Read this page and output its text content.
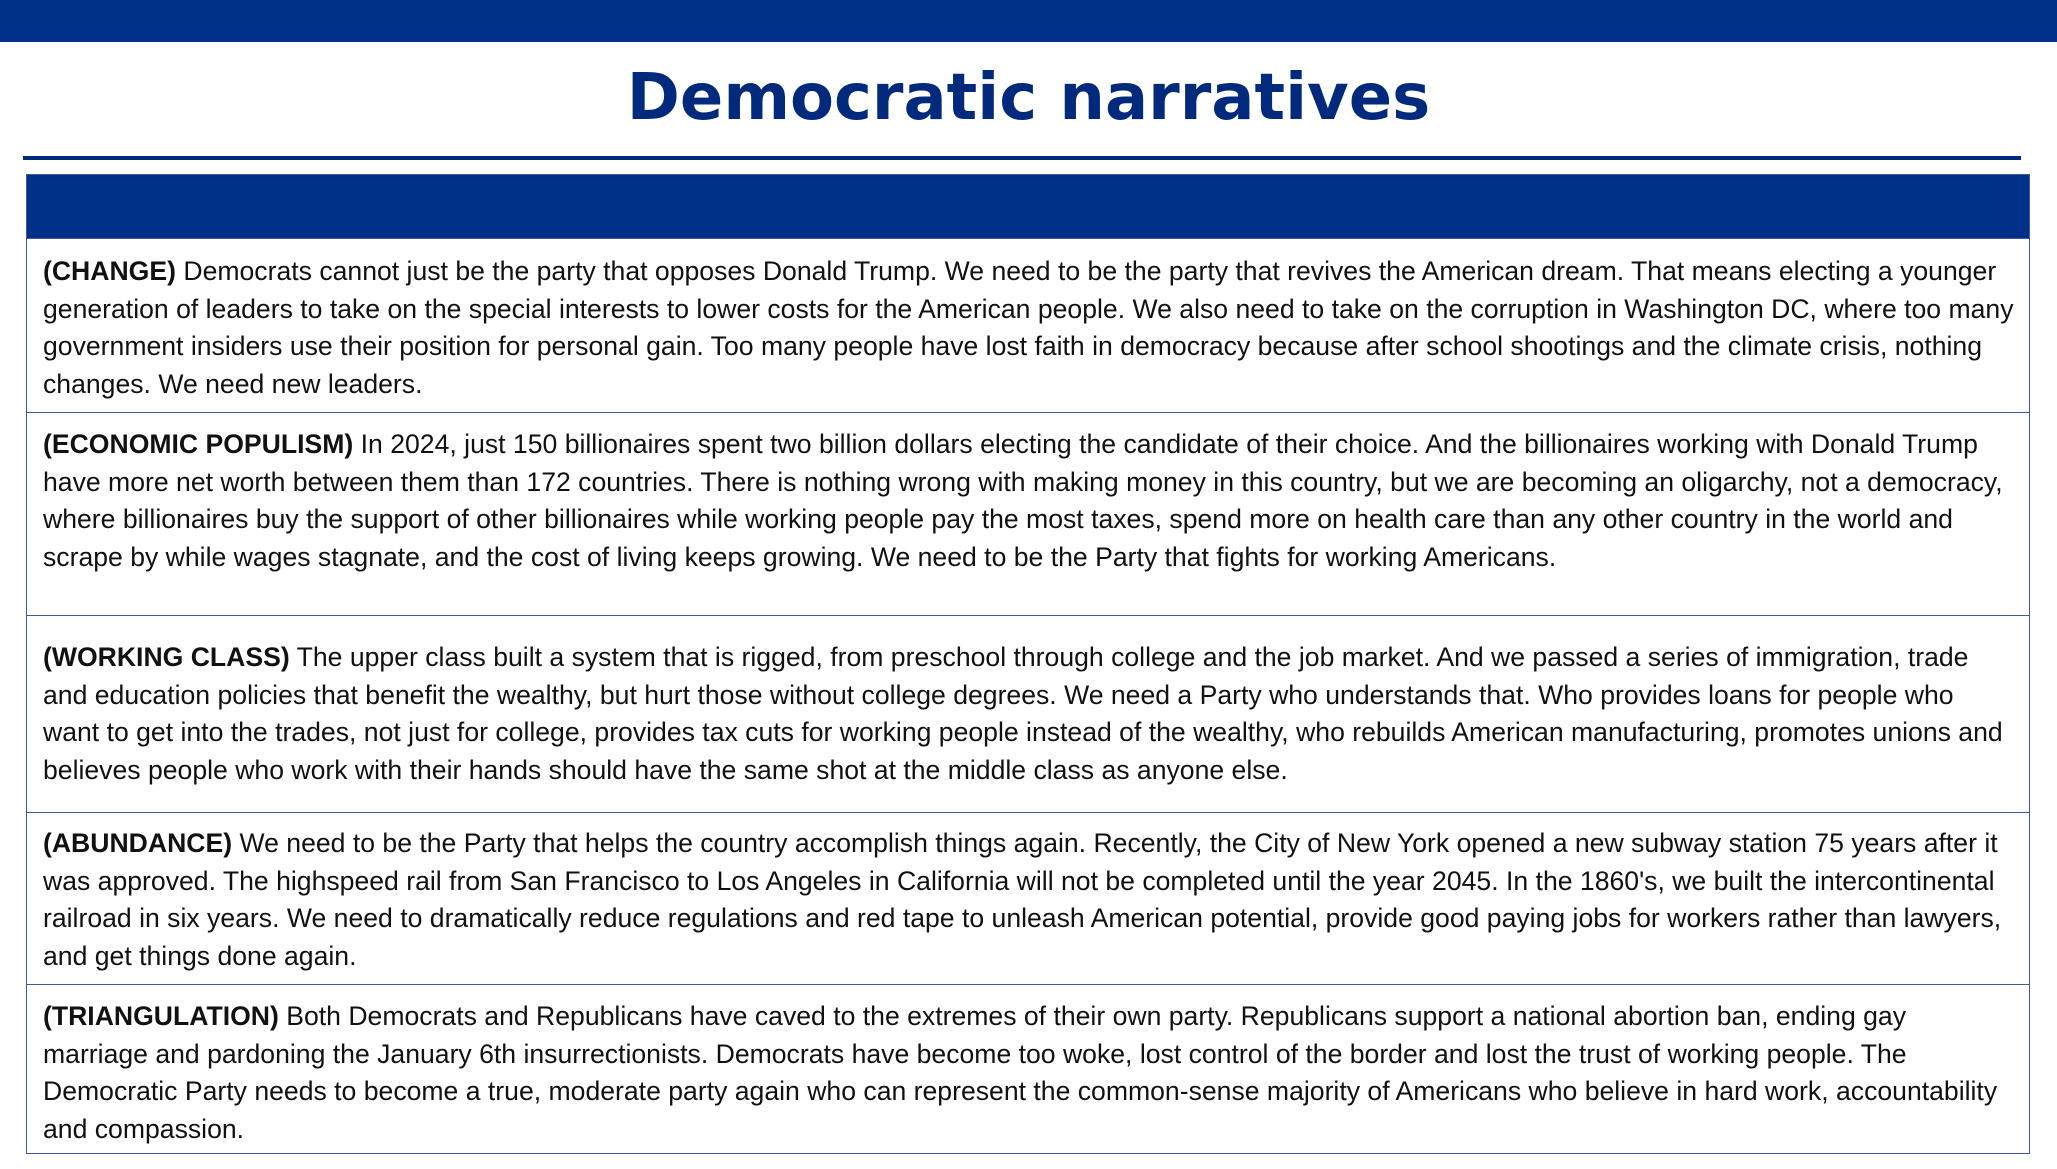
Democratic narratives

(CHANGE) Democrats cannot just be the party that opposes Donald Trump. We need to be the party that revives the American dream. That means electing a younger generation of leaders to take on the special interests to lower costs for the American people. We also need to take on the corruption in Washington DC, where too many government insiders use their position for personal gain. Too many people have lost faith in democracy because after school shootings and the climate crisis, nothing changes. We need new leaders.

(ECONOMIC POPULISM) In 2024, just 150 billionaires spent two billion dollars electing the candidate of their choice. And the billionaires working with Donald Trump have more net worth between them than 172 countries. There is nothing wrong with making money in this country, but we are becoming an oligarchy, not a democracy, where billionaires buy the support of other billionaires while working people pay the most taxes, spend more on health care than any other country in the world and scrape by while wages stagnate, and the cost of living keeps growing. We need to be the Party that fights for working Americans.

(WORKING CLASS) The upper class built a system that is rigged, from preschool through college and the job market. And we passed a series of immigration, trade and education policies that benefit the wealthy, but hurt those without college degrees. We need a Party who understands that. Who provides loans for people who want to get into the trades, not just for college, provides tax cuts for working people instead of the wealthy, who rebuilds American manufacturing, promotes unions and believes people who work with their hands should have the same shot at the middle class as anyone else.

(ABUNDANCE) We need to be the Party that helps the country accomplish things again. Recently, the City of New York opened a new subway station 75 years after it was approved. The highspeed rail from San Francisco to Los Angeles in California will not be completed until the year 2045. In the 1860's, we built the intercontinental railroad in six years. We need to dramatically reduce regulations and red tape to unleash American potential, provide good paying jobs for workers rather than lawyers, and get things done again.

(TRIANGULATION) Both Democrats and Republicans have caved to the extremes of their own party. Republicans support a national abortion ban, ending gay marriage and pardoning the January 6th insurrectionists. Democrats have become too woke, lost control of the border and lost the trust of working people. The Democratic Party needs to become a true, moderate party again who can represent the common-sense majority of Americans who believe in hard work, accountability and compassion.
